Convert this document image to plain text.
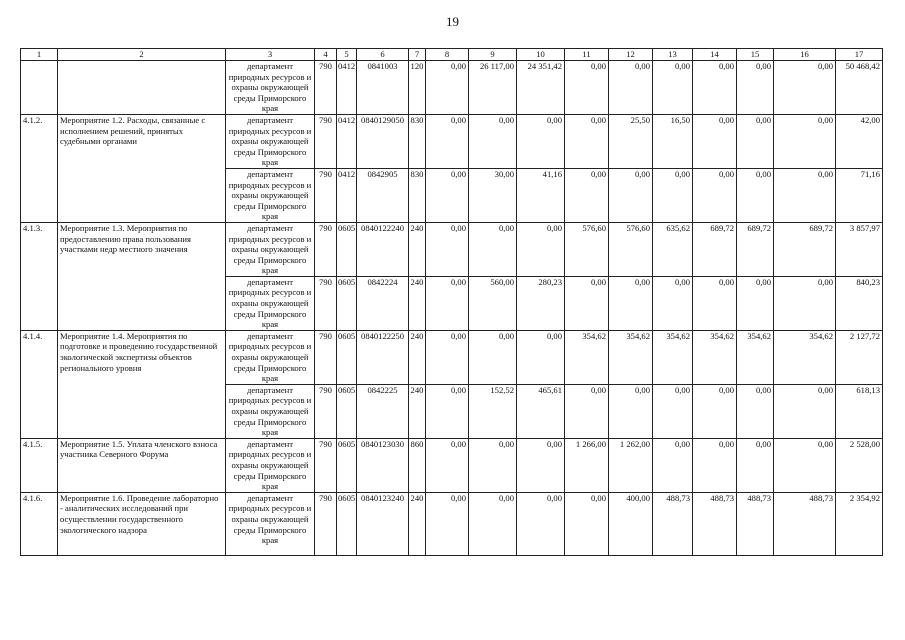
19
1	2	3	4	5	6	7	8	9	10	11	12	13	14	15	16	17
		департамент природных ресурсов и охраны окружающей среды Приморского края	790	0412	0841003	120	0,00	26 117,00	24 351,42	0,00	0,00	0,00	0,00	0,00	0,00	50 468,42
4.1.2.	Мероприятие 1.2. Расходы, связанные с исполнением решений, принятых судебными органами	департамент природных ресурсов и охраны окружающей среды Приморского края	790	0412	0840129050	830	0,00	0,00	0,00	0,00	25,50	16,50	0,00	0,00	0,00	42,00
		департамент природных ресурсов и охраны окружающей среды Приморского края	790	0412	0842905	830	0,00	30,00	41,16	0,00	0,00	0,00	0,00	0,00	0,00	71,16
4.1.3.	Мероприятие 1.3. Мероприятия по предоставлению права пользования участками недр местного значения	департамент природных ресурсов и охраны окружающей среды Приморского края	790	0605	0840122240	240	0,00	0,00	0,00	576,60	576,60	635,62	689,72	689,72	689,72	3 857,97
		департамент природных ресурсов и охраны окружающей среды Приморского края	790	0605	0842224	240	0,00	560,00	280,23	0,00	0,00	0,00	0,00	0,00	0,00	840,23
4.1.4.	Мероприятие 1.4. Мероприятия по подготовке и проведению государственной экологической экспертизы объектов регионального уровня	департамент природных ресурсов и охраны окружающей среды Приморского края	790	0605	0840122250	240	0,00	0,00	0,00	354,62	354,62	354,62	354,62	354,62	354,62	2 127,72
		департамент природных ресурсов и охраны окружающей среды Приморского края	790	0605	0842225	240	0,00	152,52	465,61	0,00	0,00	0,00	0,00	0,00	0,00	618,13
4.1.5.	Мероприятие 1.5. Уплата членского взноса участника Северного Форума	департамент природных ресурсов и охраны окружающей среды Приморского края	790	0605	0840123030	860	0,00	0,00	0,00	1 266,00	1 262,00	0,00	0,00	0,00	0,00	2 528,00
4.1.6.	Мероприятие 1.6. Проведение лабораторно - аналитических исследований при осуществлении государственного экологического надзора	департамент природных ресурсов и охраны окружающей среды Приморского края	790	0605	0840123240	240	0,00	0,00	0,00	0,00	400,00	488,73	488,73	488,73	488,73	2 354,92
